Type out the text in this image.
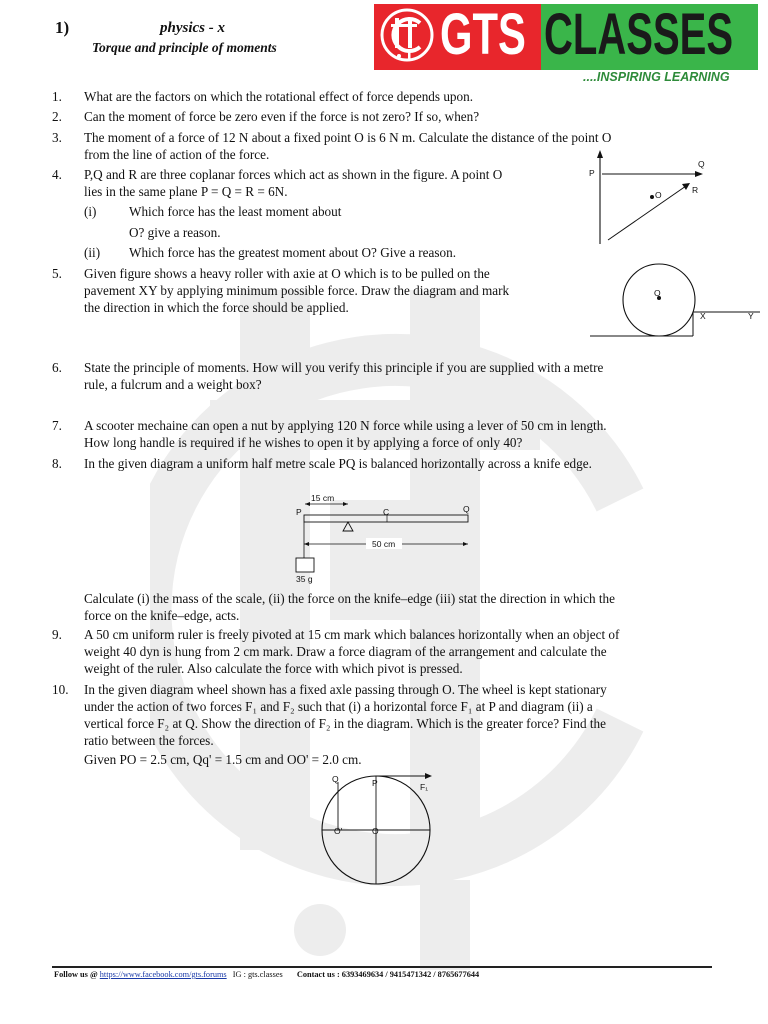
1)	physics - x
Torque and principle of moments	GTS CLASSES
....INSPIRING LEARNING
1. What are the factors on which the rotational effect of force depends upon.
2. Can the moment of force be zero even if the force is not zero? If so, when?
3. The moment of a force of 12 N about a fixed point O is 6 N m. Calculate the distance of the point O
from the line of action of the force.
4. P,Q and R are three coplanar forces which act as shown in the figure. A point O
lies in the same plane P = Q = R = 6N.
(i) Which force has the least moment about
O? give a reason.
(ii) Which force has the greatest moment about O? Give a reason.
P
Q
R
O
5. Given figure shows a heavy roller with axie at O which is to be pulled on the
pavement XY by applying minimum possible force. Draw the diagram and mark
the direction in which the force should be applied.
O
X	Y
6. State the principle of moments. How will you verify this principle if you are supplied with a metre
rule, a fulcrum and a weight box?
7. A scooter mechaine can open a nut by applying 120 N force while using a lever of 50 cm in length.
How long handle is required if he wishes to open it by applying a force of only 40?
8. In the given diagram a uniform half metre scale PQ is balanced horizontally across a knife edge.
15 cm
P	C	Q
50 cm
35 g
Calculate (i) the mass of the scale, (ii) the force on the knife–edge (iii) stat the direction in which the
force on the knife–edge, acts.
9. A 50 cm uniform ruler is freely pivoted at 15 cm mark which balances horizontally when an object of
weight 40 dyn is hung from 2 cm mark. Draw a force diagram of the arrangement and calculate the
weight of the ruler. Also calculate the force with which pivot is pressed.
10. In the given diagram wheel shown has a fixed axle passing through O. The wheel is kept stationary
under the action of two forces F₁ and F₂ such that (i) a horizontal force F₁ at P and diagram (ii) a
vertical force F₂ at Q. Show the direction of F₂ in the diagram. Which is the greater force? Find the
ratio between the forces.
Given PO = 2.5 cm, Qq' = 1.5 cm and OO' = 2.0 cm.
Q	P	F₁
O'	O
Follow us @ https://www.facebook.com/gts.forums IG : gts.classes Contact us : 6393469634 / 9415471342 / 8765677644
